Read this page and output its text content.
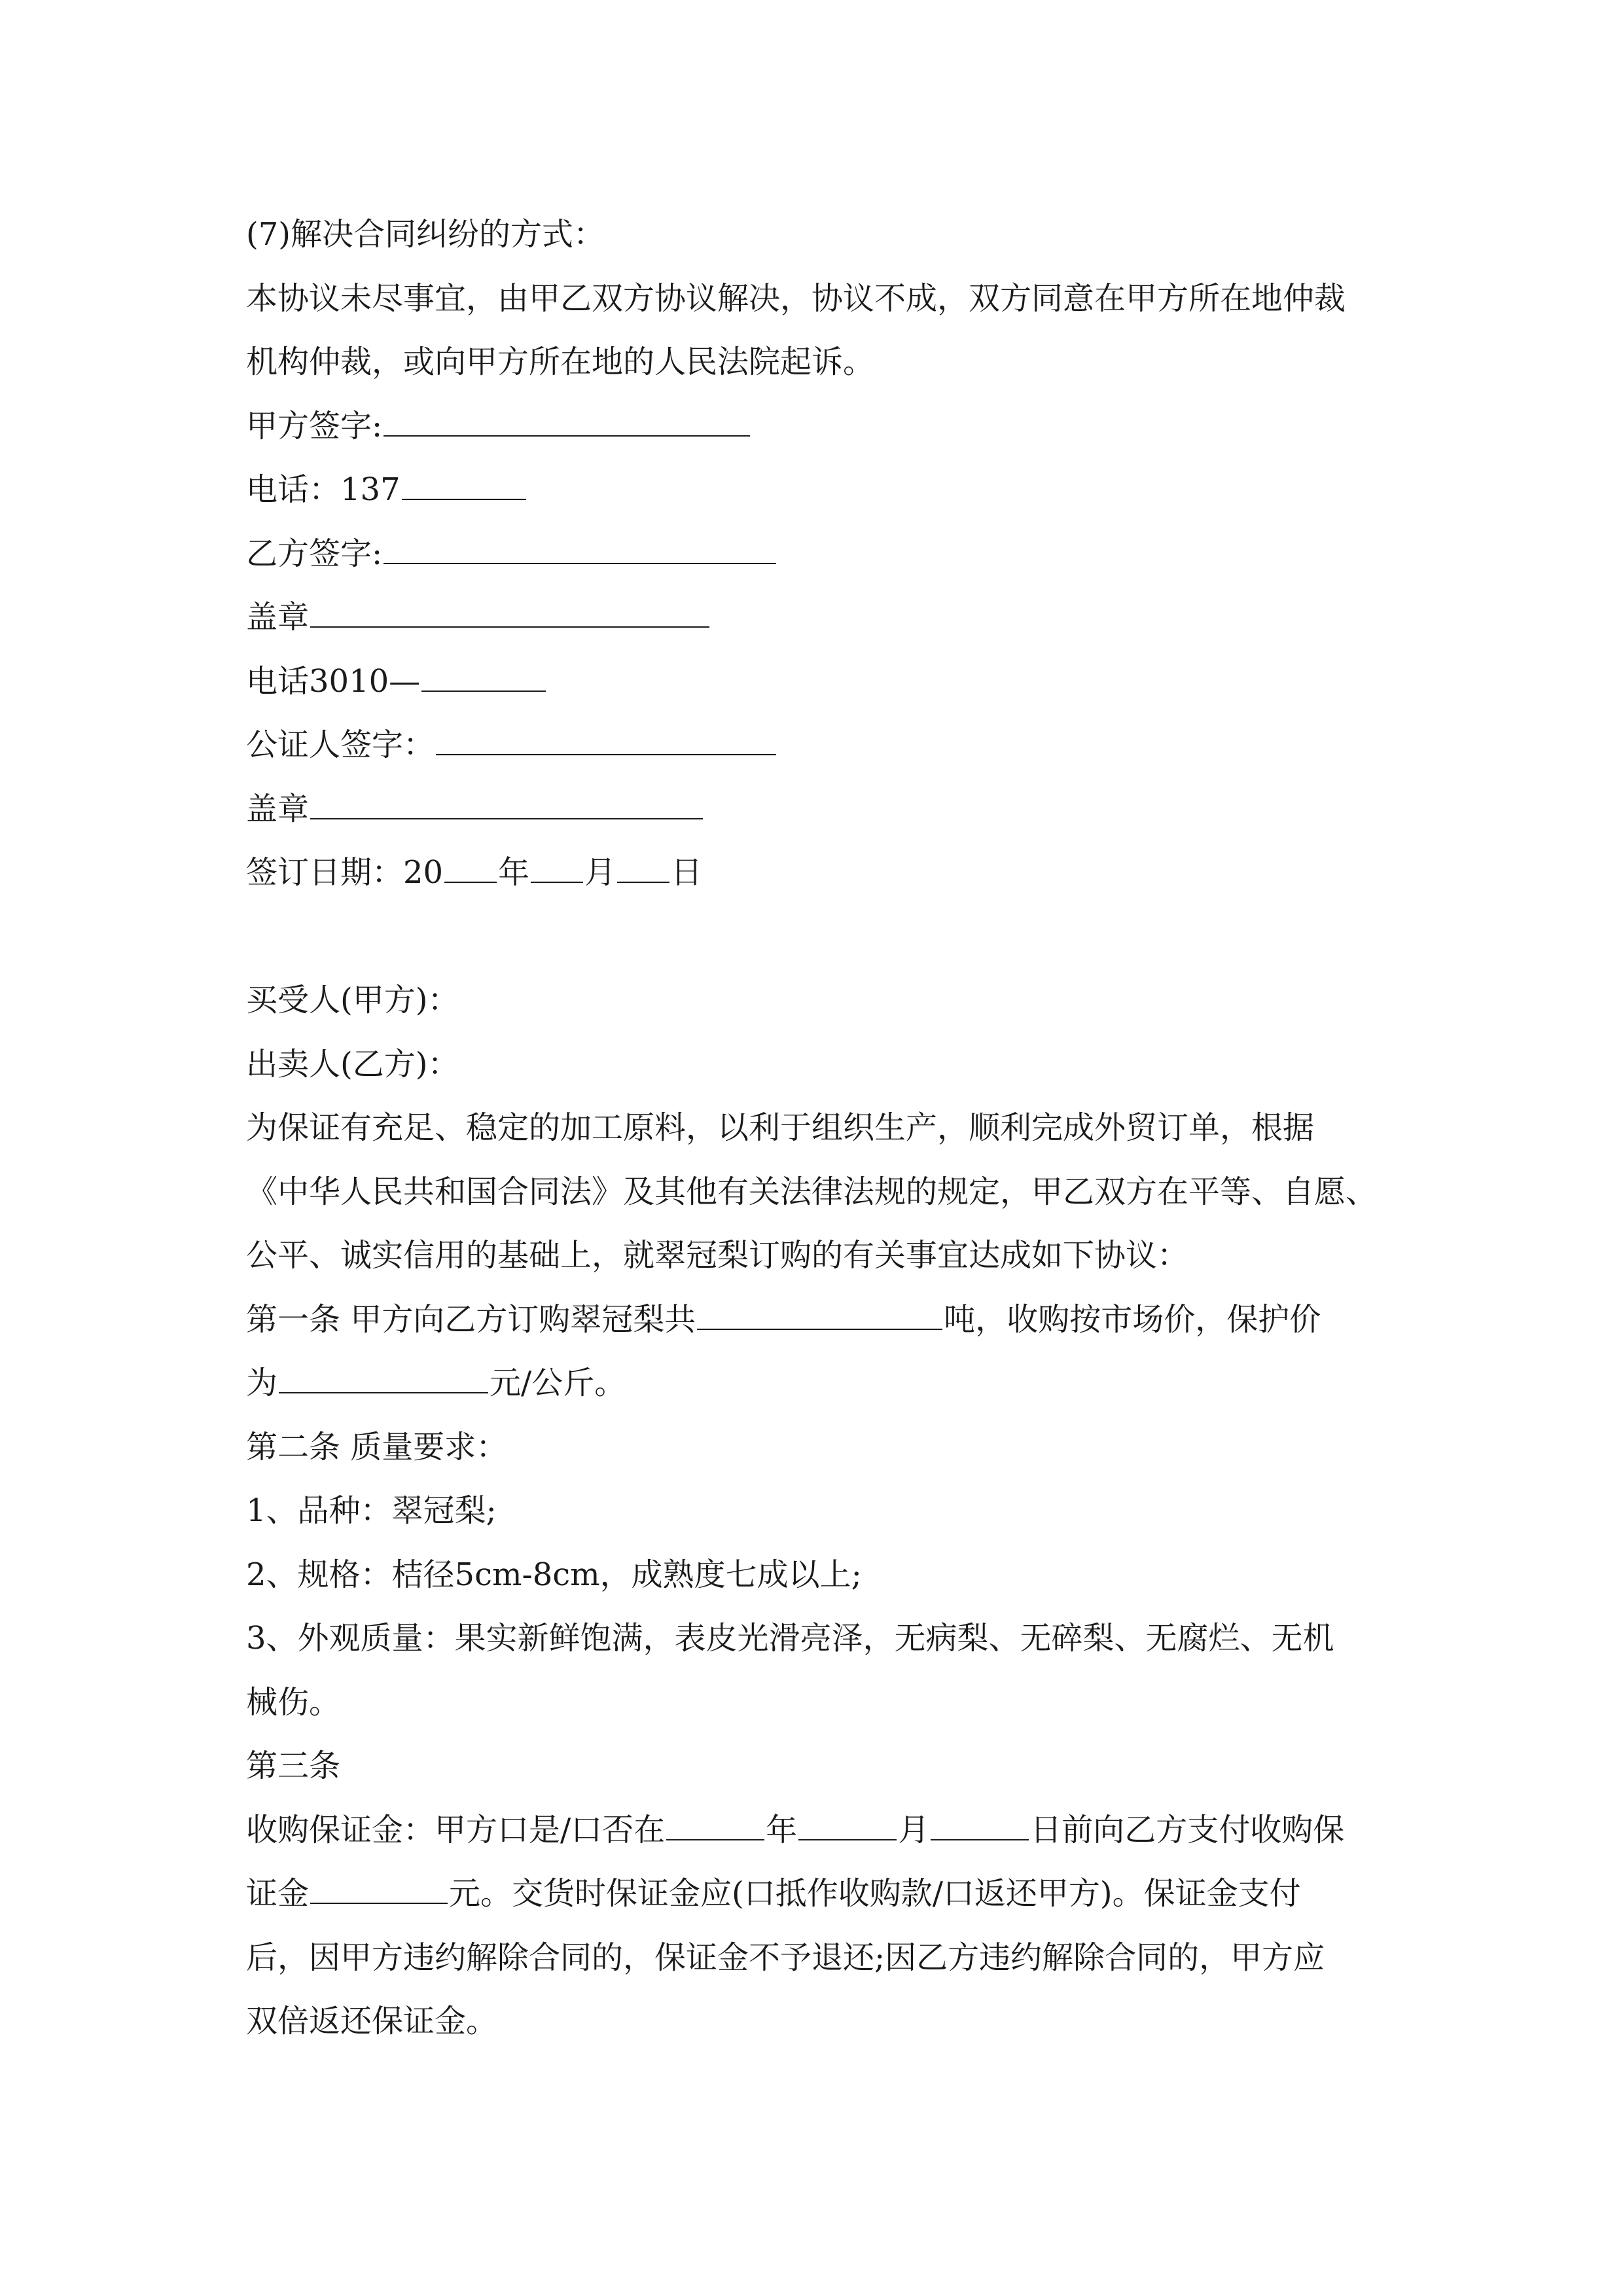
(7)解决合同纠纷的方式：
本协议未尽事宜，由甲乙双方协议解决，协议不成，双方同意在甲方所在地仲裁
机构仲裁，或向甲方所在地的人民法院起诉。
甲方签字:
电话：137
乙方签字:
盖章
电话3010—
公证人签字：
盖章
签订日期：20 年 月 日
买受人(甲方)：
出卖人(乙方)：
为保证有充足、稳定的加工原料，以利于组织生产，顺利完成外贸订单，根据
《中华人民共和国合同法》及其他有关法律法规的规定，甲乙双方在平等、自愿、
公平、诚实信用的基础上，就翠冠梨订购的有关事宜达成如下协议：
第一条 甲方向乙方订购翠冠梨共	吨，收购按市场价，保护价
为	元/公斤。
第二条 质量要求：
1、品种：翠冠梨;
2、规格：桔径5cm-8cm，成熟度七成以上;
3、外观质量：果实新鲜饱满，表皮光滑亮泽，无病梨、无碎梨、无腐烂、无机
械伤。
第三条
收购保证金：甲方口是/口否在	年	月	日前向乙方支付收购保
证金	元。交货时保证金应(口抵作收购款/口返还甲方)。保证金支付
后，因甲方违约解除合同的，保证金不予退还;因乙方违约解除合同的，甲方应
双倍返还保证金。
